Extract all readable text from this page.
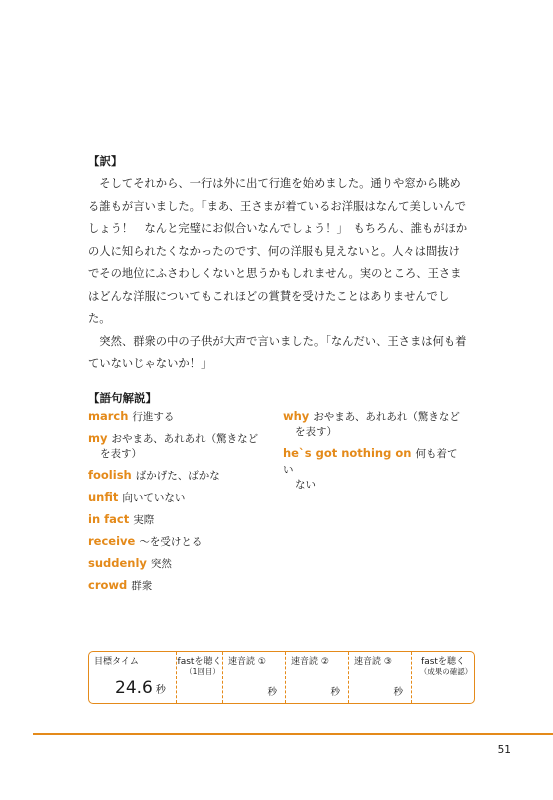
【訳】

そしてそれから、一行は外に出て行進を始めました。通りや窓から眺める誰もが言いました。「まあ、王さまが着ているお洋服はなんて美しいんでしょう！　なんと完璧にお似合いなんでしょう！」　もちろん、誰もがほかの人に知られたくなかったのです、何の洋服も見えないと。人々は間抜けでその地位にふさわしくないと思うかもしれません。実のところ、王さまはどんな洋服についてもこれほどの賞賛を受けたことはありませんでした。

突然、群衆の中の子供が大声で言いました。「なんだい、王さまは何も着ていないじゃないか！」

【語句解説】
march 行進する
my おやまあ、あれあれ（驚きなど
を表す）
foolish ばかげた、ばかな
unfit 向いていない
in fact 実際
receive 〜を受けとる
suddenly 突然
crowd 群衆
why おやまあ、あれあれ（驚きなど
を表す）
he`s got nothing on 何も着てい
ない
目標タイム
24.6 秒
fastを聴く
（1回目）
速音読 ①
秒
速音読 ②
秒
速音読 ③
秒
fastを聴く
（成果の確認）
51
